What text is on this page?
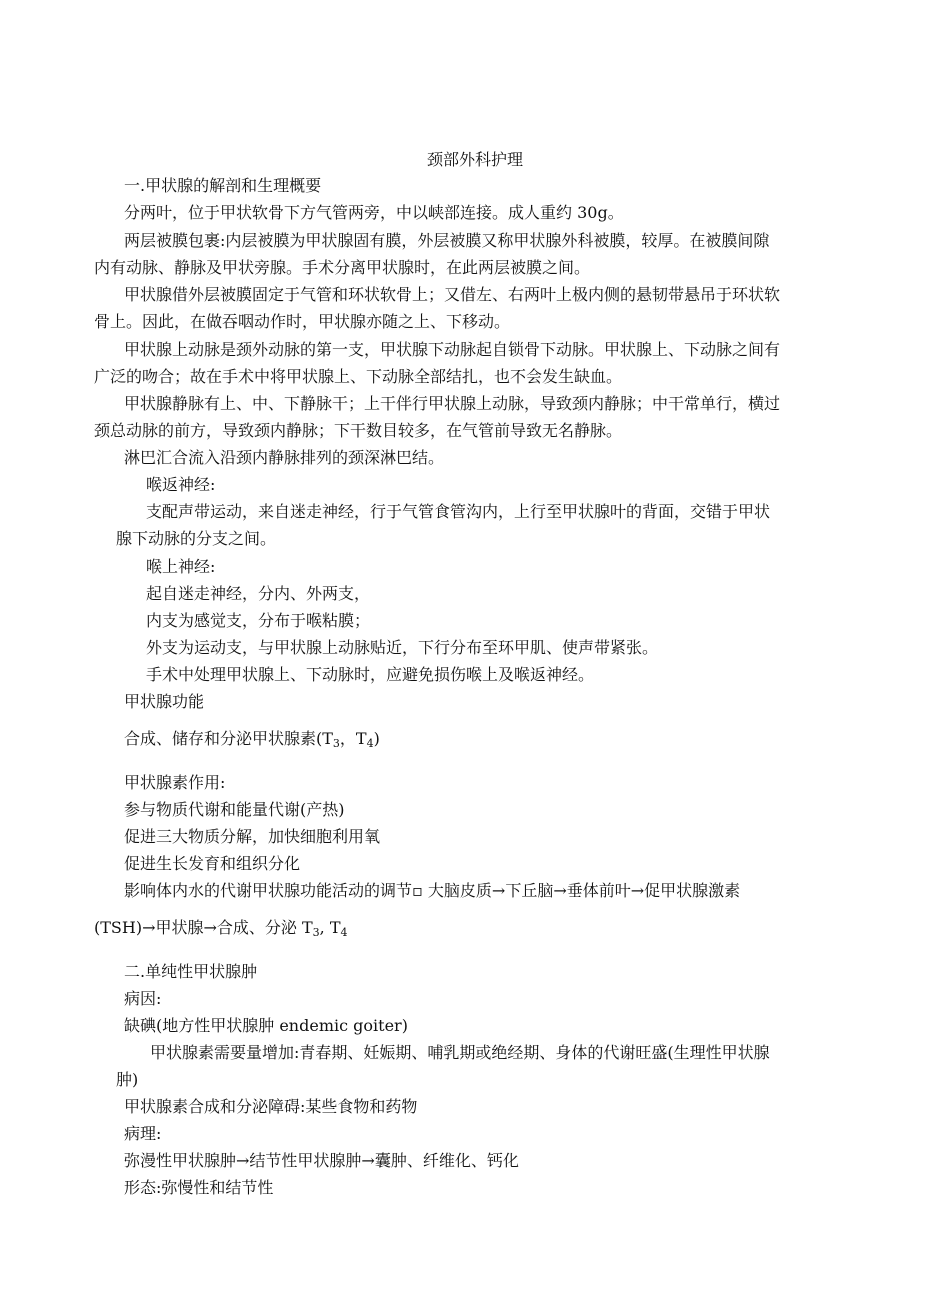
颈部外科护理
一.甲状腺的解剖和生理概要
分两叶，位于甲状软骨下方气管两旁，中以峡部连接。成人重约 30g。
两层被膜包裹:内层被膜为甲状腺固有膜，外层被膜又称甲状腺外科被膜，较厚。在被膜间隙
内有动脉、静脉及甲状旁腺。手术分离甲状腺时，在此两层被膜之间。
甲状腺借外层被膜固定于气管和环状软骨上；又借左、右两叶上极内侧的悬韧带悬吊于环状软
骨上。因此，在做吞咽动作时，甲状腺亦随之上、下移动。
甲状腺上动脉是颈外动脉的第一支，甲状腺下动脉起自锁骨下动脉。甲状腺上、下动脉之间有
广泛的吻合；故在手术中将甲状腺上、下动脉全部结扎，也不会发生缺血。
甲状腺静脉有上、中、下静脉干；上干伴行甲状腺上动脉，导致颈内静脉；中干常单行，横过
颈总动脉的前方，导致颈内静脉；下干数目较多，在气管前导致无名静脉。
淋巴汇合流入沿颈内静脉排列的颈深淋巴结。
喉返神经:
支配声带运动，来自迷走神经，行于气管食管沟内，上行至甲状腺叶的背面，交错于甲状
腺下动脉的分支之间。
喉上神经:
起自迷走神经，分内、外两支，
内支为感觉支，分布于喉粘膜；
外支为运动支，与甲状腺上动脉贴近，下行分布至环甲肌、使声带紧张。
手术中处理甲状腺上、下动脉时，应避免损伤喉上及喉返神经。
甲状腺功能
合成、储存和分泌甲状腺素($T_3$，$T_4$)
甲状腺素作用:
参与物质代谢和能量代谢(产热)
促进三大物质分解，加快细胞利用氧
促进生长发育和组织分化
影响体内水的代谢甲状腺功能活动的调节▫ 大脑皮质→下丘脑→垂体前叶→促甲状腺激素
(TSH)→甲状腺→合成、分泌 $T_3$, $T_4$
二.单纯性甲状腺肿
病因:
缺碘(地方性甲状腺肿 endemic goiter)
甲状腺素需要量增加:青春期、妊娠期、哺乳期或绝经期、身体的代谢旺盛(生理性甲状腺
肿)
甲状腺素合成和分泌障碍:某些食物和药物
病理:
弥漫性甲状腺肿→结节性甲状腺肿→囊肿、纤维化、钙化
形态:弥慢性和结节性
